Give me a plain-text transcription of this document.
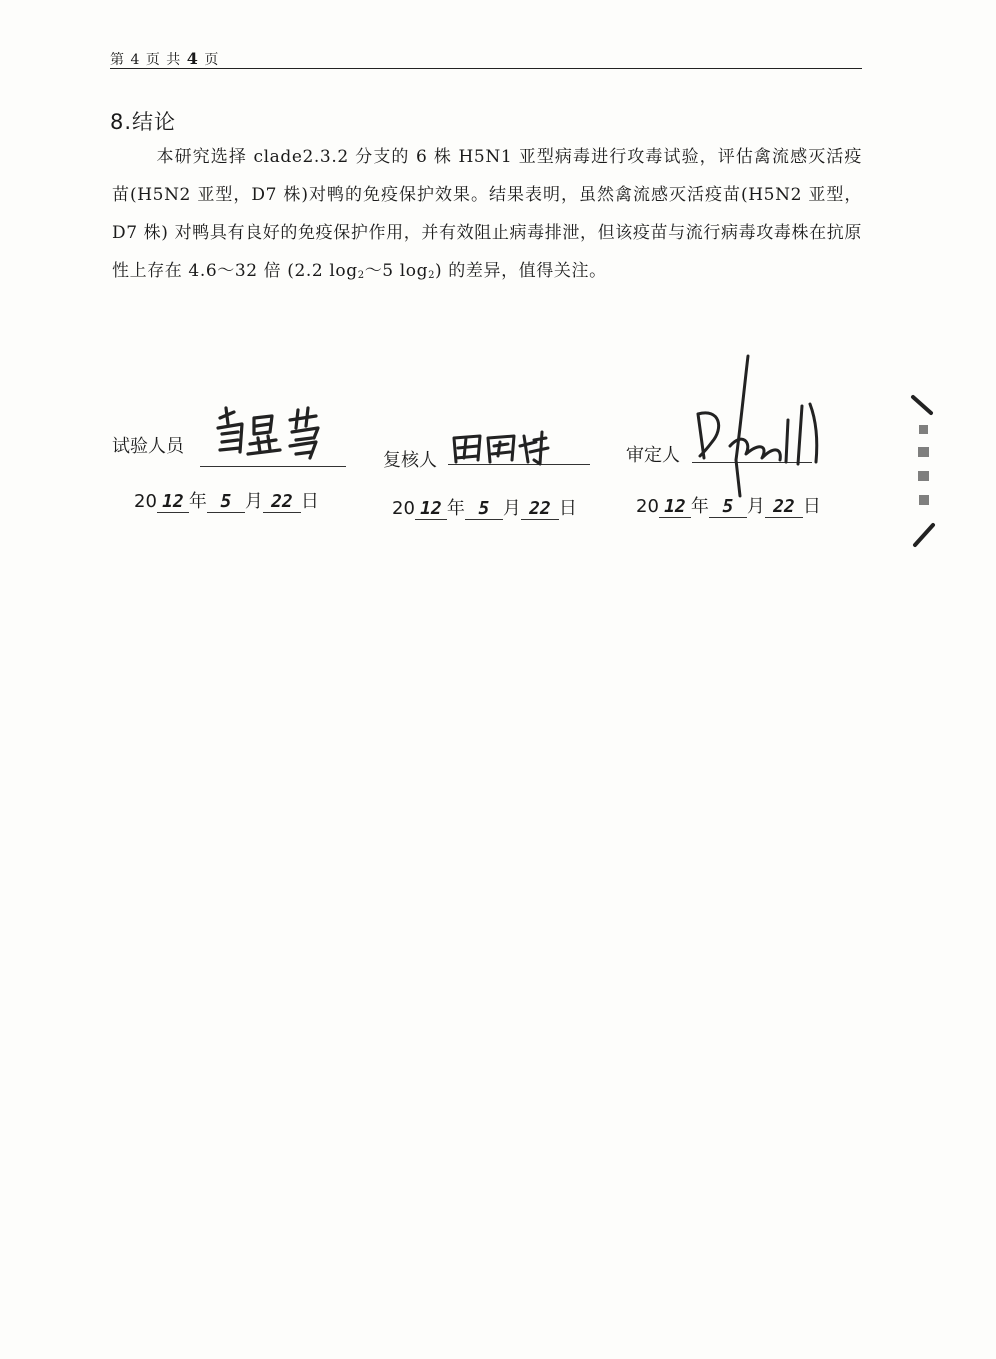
第 4 页 共 4 页
8.结论

本研究选择 clade2.3.2 分支的 6 株 H5N1 亚型病毒进行攻毒试验，评估禽流感灭活疫苗(H5N2 亚型，D7 株)对鸭的免疫保护效果。结果表明，虽然禽流感灭活疫苗(H5N2 亚型，D7 株) 对鸭具有良好的免疫保护作用，并有效阻止病毒排泄，但该疫苗与流行病毒攻毒株在抗原性上存在 4.6～32 倍 (2.2 $\log_2\sim 5$ $\log_2$) 的差异，值得关注。

试验人员
20 12 年 5 月 22 日
复核人
20 12 年 5 月 22 日
审定人
20 12 年 5 月 22 日
